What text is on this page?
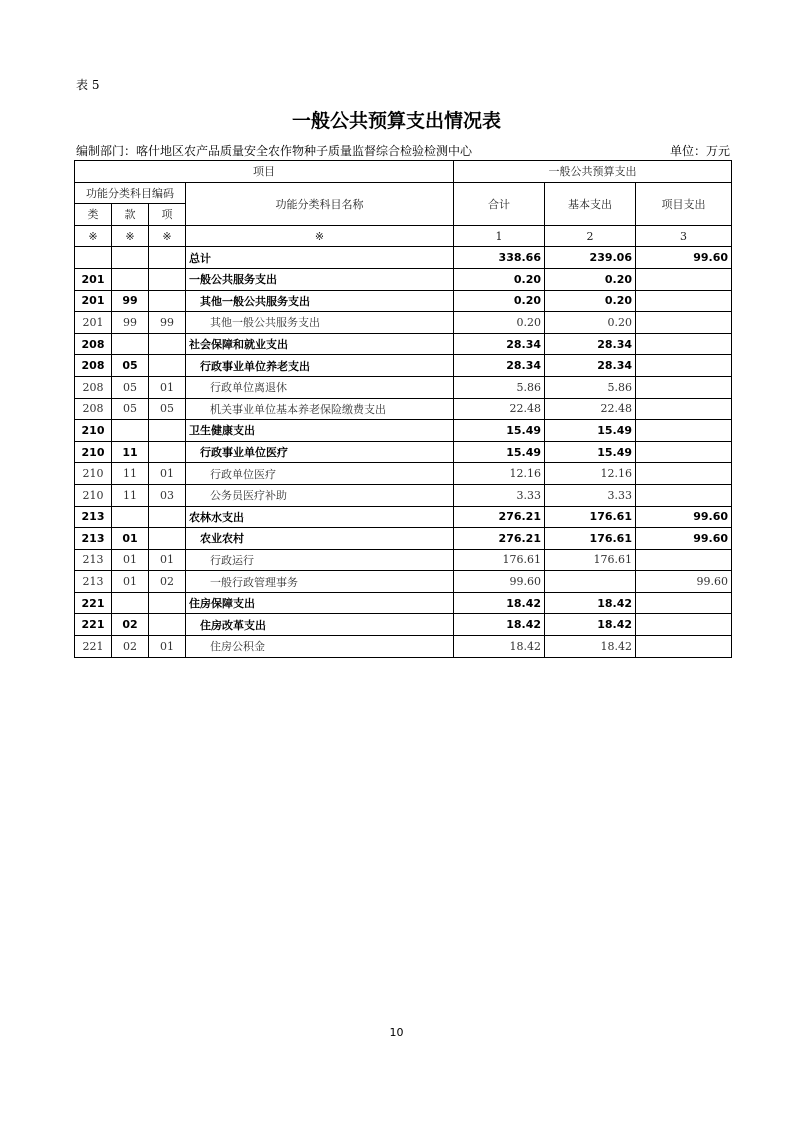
表 5
一般公共预算支出情况表
编制部门：喀什地区农产品质量安全农作物种子质量监督综合检验检测中心	单位：万元
项目				一般公共预算支出		
功能分类科目编码			功能分类科目名称	合计	基本支出	项目支出
类	款	项				
※	※	※	※	1	2	3
			总计	338.66	239.06	99.60
201			一般公共服务支出	0.20	0.20	
201	99		其他一般公共服务支出	0.20	0.20	
201	99	99	其他一般公共服务支出	0.20	0.20	
208			社会保障和就业支出	28.34	28.34	
208	05		行政事业单位养老支出	28.34	28.34	
208	05	01	行政单位离退休	5.86	5.86	
208	05	05	机关事业单位基本养老保险缴费支出	22.48	22.48	
210			卫生健康支出	15.49	15.49	
210	11		行政事业单位医疗	15.49	15.49	
210	11	01	行政单位医疗	12.16	12.16	
210	11	03	公务员医疗补助	3.33	3.33	
213			农林水支出	276.21	176.61	99.60
213	01		农业农村	276.21	176.61	99.60
213	01	01	行政运行	176.61	176.61	
213	01	02	一般行政管理事务	99.60		99.60
221			住房保障支出	18.42	18.42	
221	02		住房改革支出	18.42	18.42	
221	02	01	住房公积金	18.42	18.42	
10
